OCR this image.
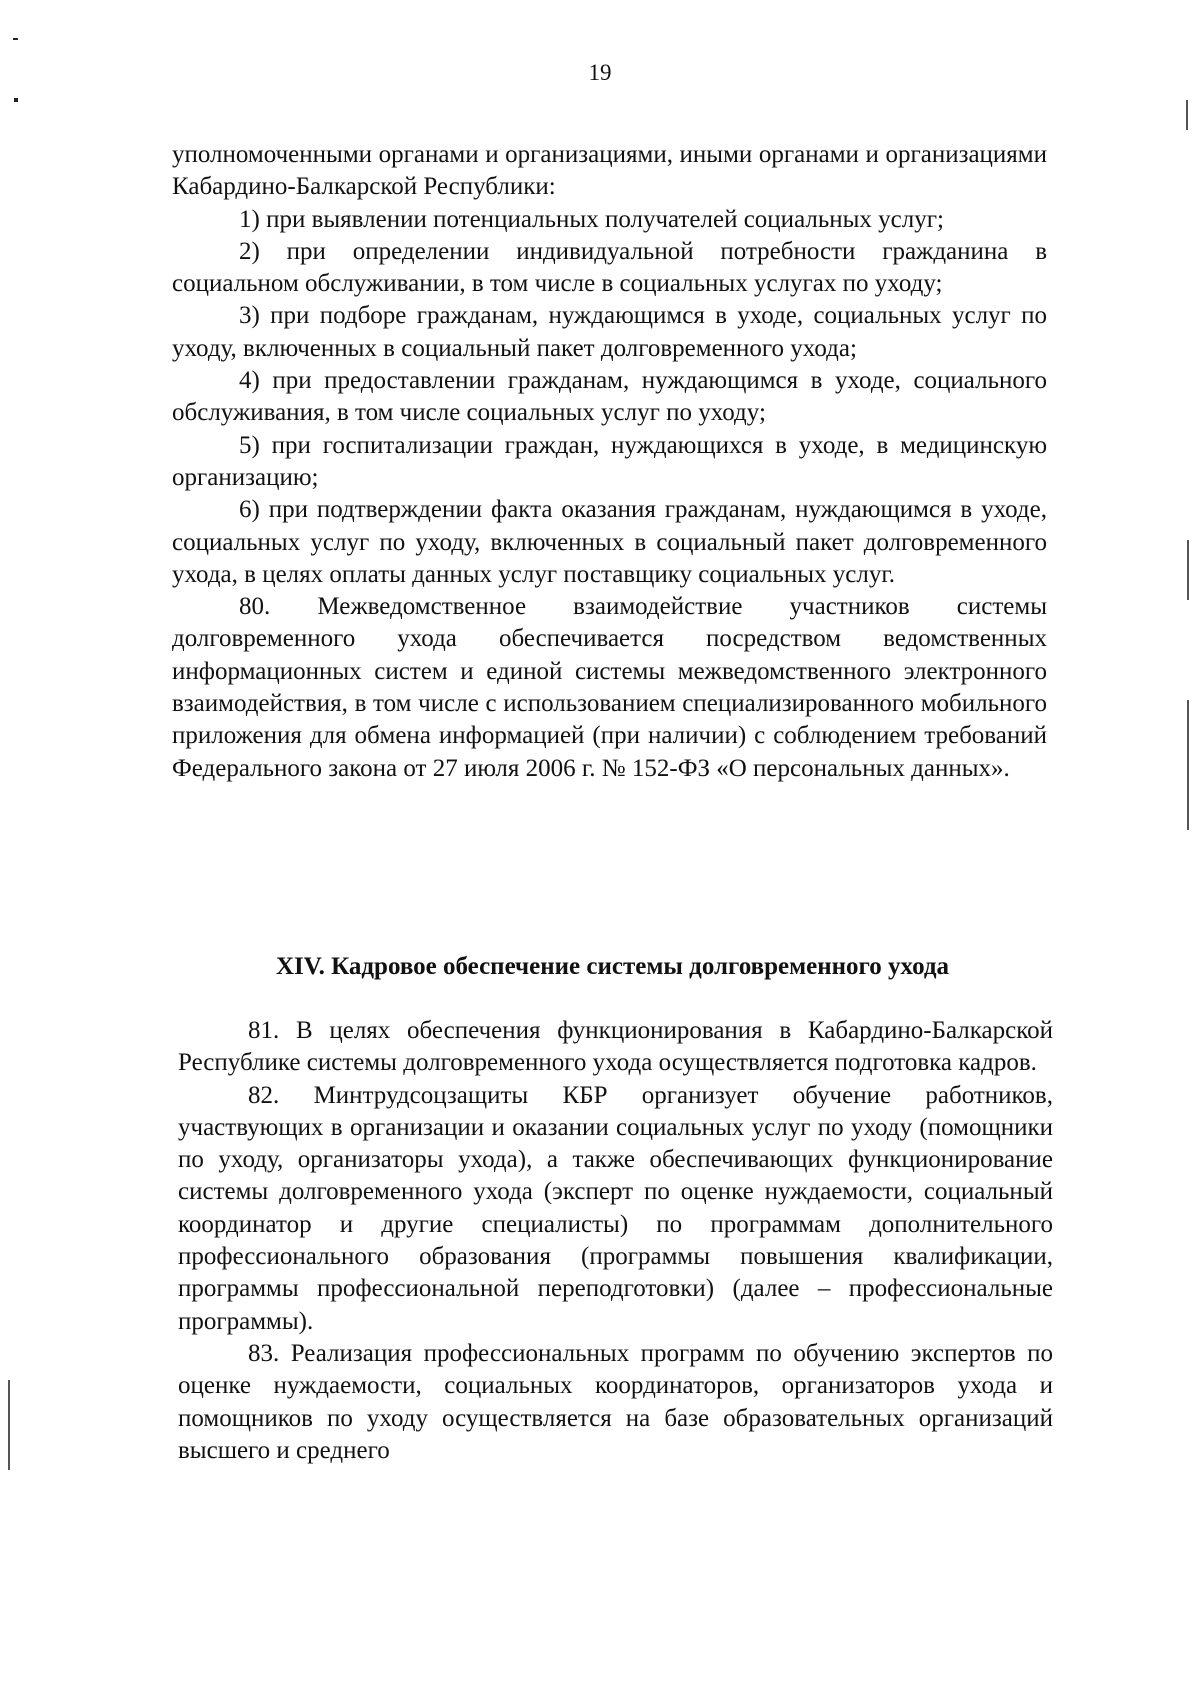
19

уполномоченными органами и организациями, иными органами и организациями Кабардино-Балкарской Республики:

1) при выявлении потенциальных получателей социальных услуг;

2) при определении индивидуальной потребности гражданина в социальном обслуживании, в том числе в социальных услугах по уходу;

3) при подборе гражданам, нуждающимся в уходе, социальных услуг по уходу, включенных в социальный пакет долговременного ухода;

4) при предоставлении гражданам, нуждающимся в уходе, социального обслуживания, в том числе социальных услуг по уходу;

5) при госпитализации граждан, нуждающихся в уходе, в медицинскую организацию;

6) при подтверждении факта оказания гражданам, нуждающимся в уходе, социальных услуг по уходу, включенных в социальный пакет долговременного ухода, в целях оплаты данных услуг поставщику социальных услуг.

80. Межведомственное взаимодействие участников системы долговременного ухода обеспечивается посредством ведомственных информационных систем и единой системы межведомственного электронного взаимодействия, в том числе с использованием специализированного мобильного приложения для обмена информацией (при наличии) с соблюдением требований Федерального закона от 27 июля 2006 г. № 152-ФЗ «О персональных данных».

XIV. Кадровое обеспечение системы долговременного ухода

81. В целях обеспечения функционирования в Кабардино-Балкарской Республике системы долговременного ухода осуществляется подготовка кадров.

82. Минтрудсоцзащиты КБР организует обучение работников, участвующих в организации и оказании социальных услуг по уходу (помощники по уходу, организаторы ухода), а также обеспечивающих функционирование системы долговременного ухода (эксперт по оценке нуждаемости, социальный координатор и другие специалисты) по программам дополнительного профессионального образования (программы повышения квалификации, программы профессиональной переподготовки) (далее – профессиональные программы).

83. Реализация профессиональных программ по обучению экспертов по оценке нуждаемости, социальных координаторов, организаторов ухода и помощников по уходу осуществляется на базе образовательных организаций высшего и среднего
